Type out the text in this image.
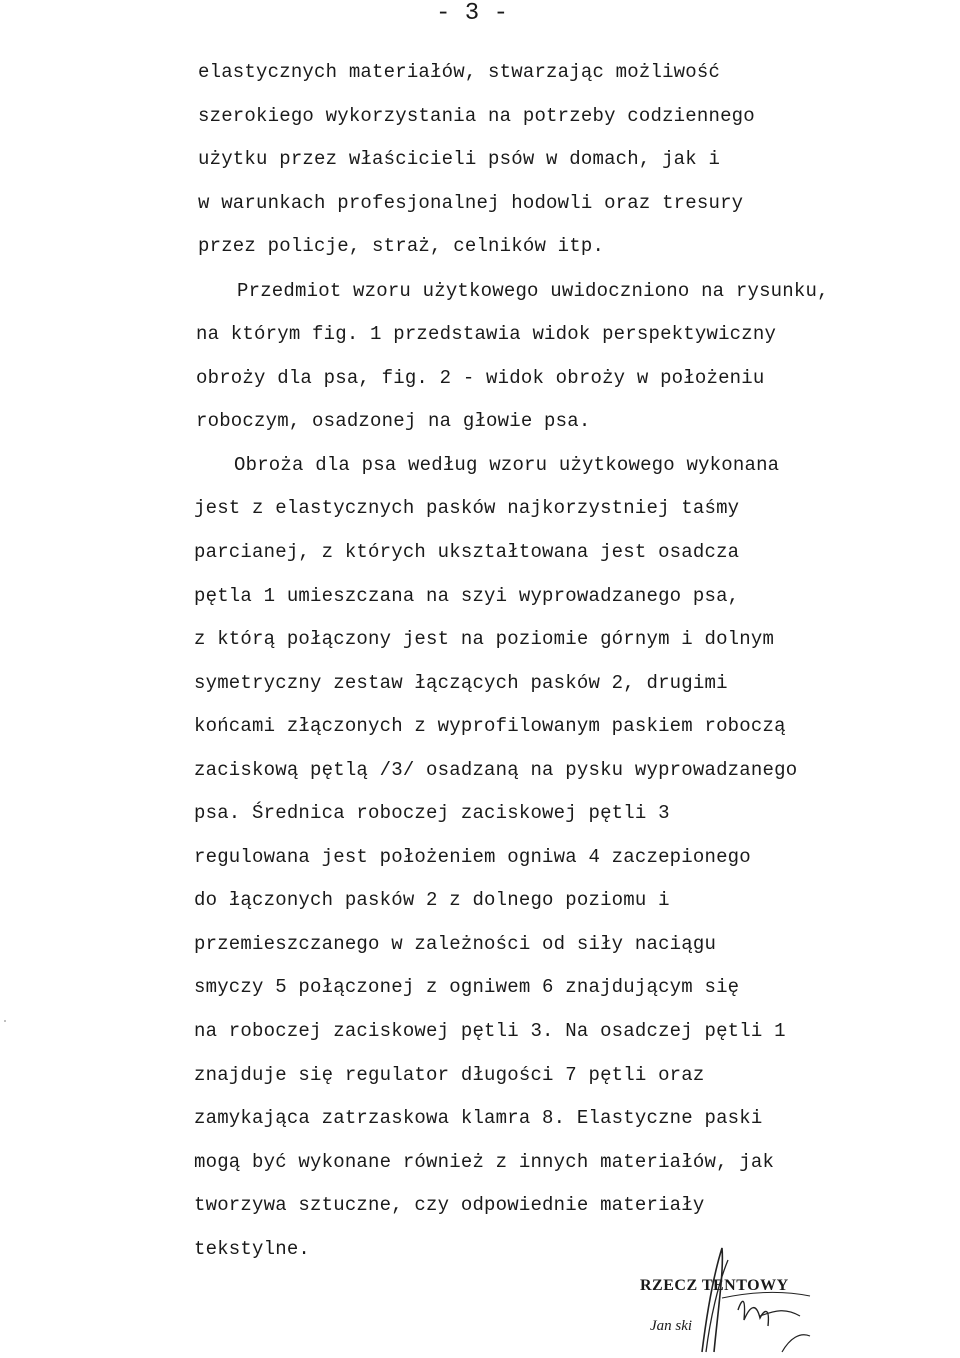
- 3 -
elastycznych materiałów, stwarzając możliwość
szerokiego wykorzystania na potrzeby codziennego
użytku przez właścicieli psów w domach, jak i
w warunkach profesjonalnej hodowli oraz tresury
przez policje, straż, celników itp.
Przedmiot wzoru użytkowego uwidoczniono na rysunku,
na którym fig. 1 przedstawia widok perspektywiczny
obroży dla psa, fig. 2 - widok obroży w położeniu
roboczym, osadzonej na głowie psa.
Obroża dla psa według wzoru użytkowego wykonana
jest z elastycznych pasków najkorzystniej taśmy
parcianej, z których ukształtowana jest osadcza
pętla 1 umieszczana na szyi wyprowadzanego psa,
z którą połączony jest na poziomie górnym i dolnym
symetryczny zestaw łączących pasków 2, drugimi
końcami złączonych z wyprofilowanym paskiem roboczą
zaciskową pętlą /3/ osadzaną na pysku wyprowadzanego
psa. Średnica roboczej zaciskowej pętli 3
regulowana jest położeniem ogniwa 4 zaczepionego
do łączonych pasków 2 z dolnego poziomu i
przemieszczanego w zależności od siły naciągu
smyczy 5 połączonej z ogniwem 6 znajdującym się
na roboczej zaciskowej pętli 3. Na osadczej pętli 1
znajduje się regulator długości 7 pętli oraz
zamykająca zatrzaskowa klamra 8. Elastyczne paski
mogą być wykonane również z innych materiałów, jak
tworzywa sztuczne, czy odpowiednie materiały
tekstylne.
RZECZ TENTOWY
Jan ski
